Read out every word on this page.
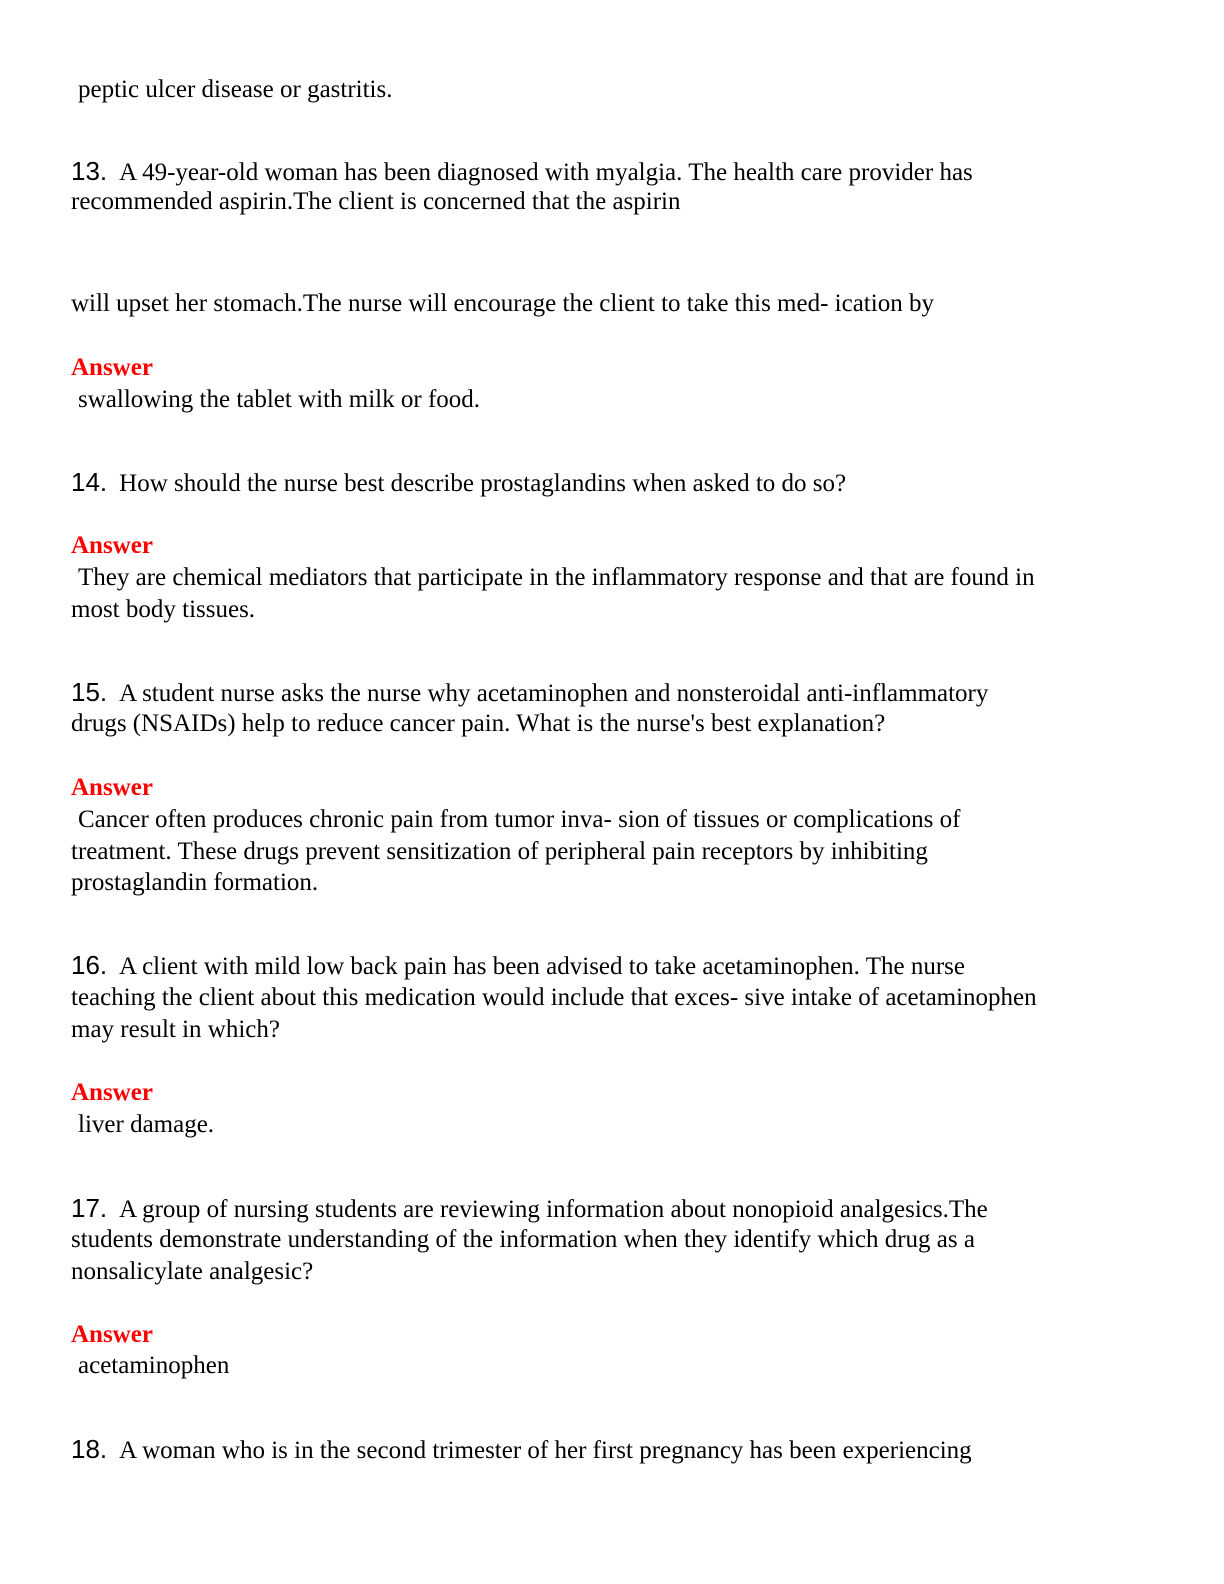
peptic ulcer disease or gastritis.
13. A 49-year-old woman has been diagnosed with myalgia. The health care provider has
recommended aspirin.The client is concerned that the aspirin
will upset her stomach.The nurse will encourage the client to take this med- ication by
Answer
swallowing the tablet with milk or food.
14. How should the nurse best describe prostaglandins when asked to do so?
Answer
They are chemical mediators that participate in the inflammatory response and that are found in
most body tissues.
15. A student nurse asks the nurse why acetaminophen and nonsteroidal anti-inflammatory
drugs (NSAIDs) help to reduce cancer pain. What is the nurse's best explanation?
Answer
Cancer often produces chronic pain from tumor inva- sion of tissues or complications of
treatment. These drugs prevent sensitization of peripheral pain receptors by inhibiting
prostaglandin formation.
16. A client with mild low back pain has been advised to take acetaminophen. The nurse
teaching the client about this medication would include that exces- sive intake of acetaminophen
may result in which?
Answer
liver damage.
17. A group of nursing students are reviewing information about nonopioid analgesics.The
students demonstrate understanding of the information when they identify which drug as a
nonsalicylate analgesic?
Answer
acetaminophen
18. A woman who is in the second trimester of her first pregnancy has been experiencing
